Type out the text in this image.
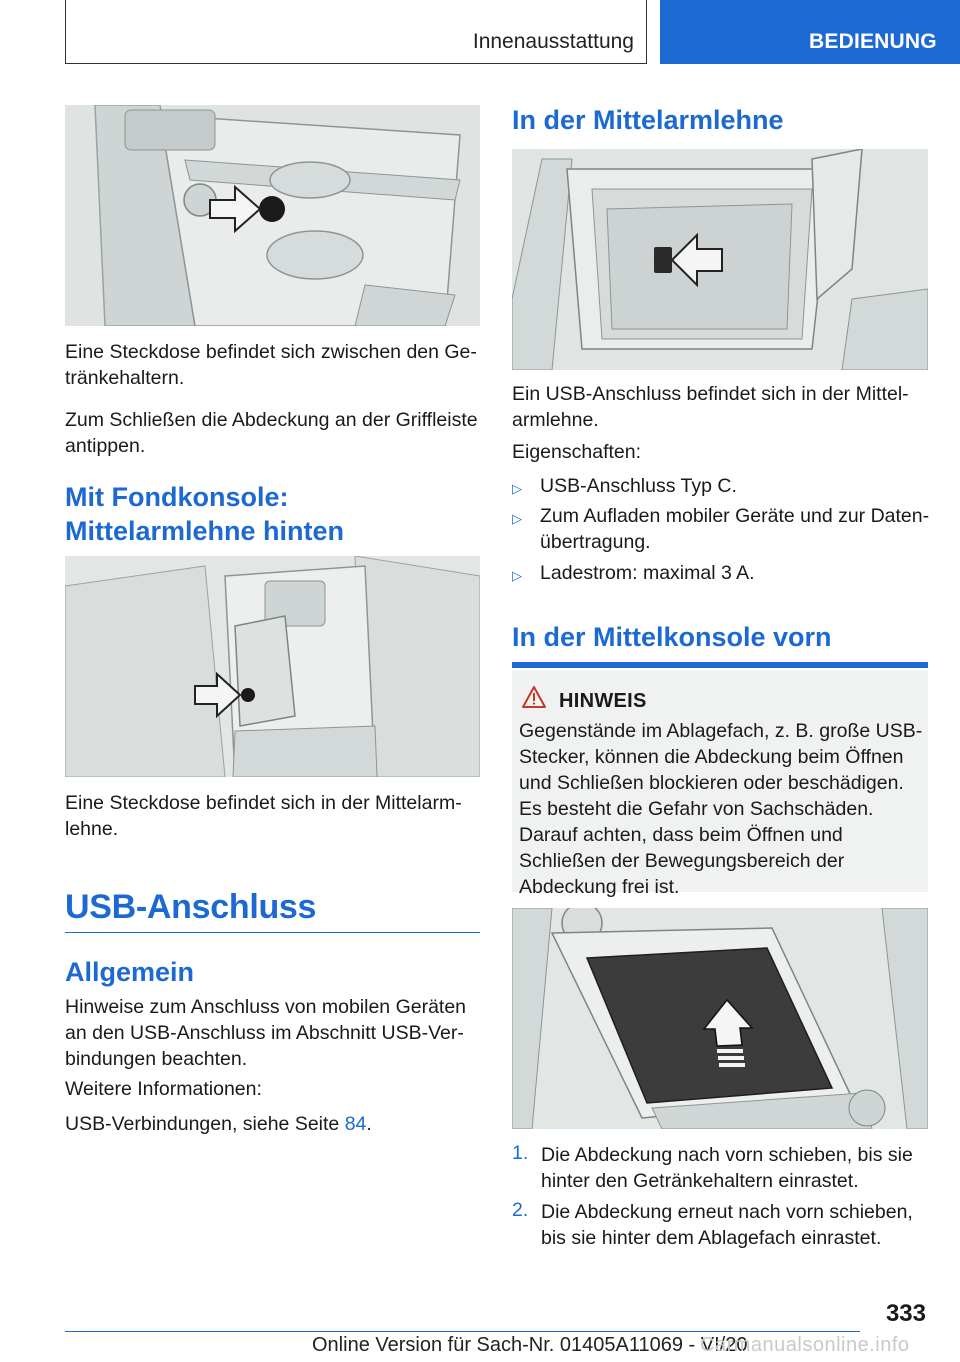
Innenausstattung	BEDIENUNG

Eine Steckdose befindet sich zwischen den Getränkehaltern.

Zum Schließen die Abdeckung an der Griffleiste antippen.

Mit Fondkonsole: Mittelarmlehne hinten

Eine Steckdose befindet sich in der Mittelarmlehne.

USB-Anschluss
Allgemein

Hinweise zum Anschluss von mobilen Geräten an den USB-Anschluss im Abschnitt USB-Verbindungen beachten.

Weitere Informationen:

USB-Verbindungen, siehe Seite 84.

In der Mittelarmlehne

Ein USB-Anschluss befindet sich in der Mittelarmlehne.

Eigenschaften:

▷ USB-Anschluss Typ C.
▷ Zum Aufladen mobiler Geräte und zur Datenübertragung.
▷ Ladestrom: maximal 3 A.
In der Mittelkonsole vorn
HINWEIS
Gegenstände im Ablagefach, z. B. große USB-Stecker, können die Abdeckung beim Öffnen und Schließen blockieren oder beschädigen. Es besteht die Gefahr von Sachschäden. Darauf achten, dass beim Öffnen und Schließen der Bewegungsbereich der Abdeckung frei ist.
1. Die Abdeckung nach vorn schieben, bis sie hinter den Getränkehaltern einrastet.
2. Die Abdeckung erneut nach vorn schieben, bis sie hinter dem Ablagefach einrastet.
333
Online Version für Sach-Nr. 01405A11069 - VI/20
Carmanualsonline.info
